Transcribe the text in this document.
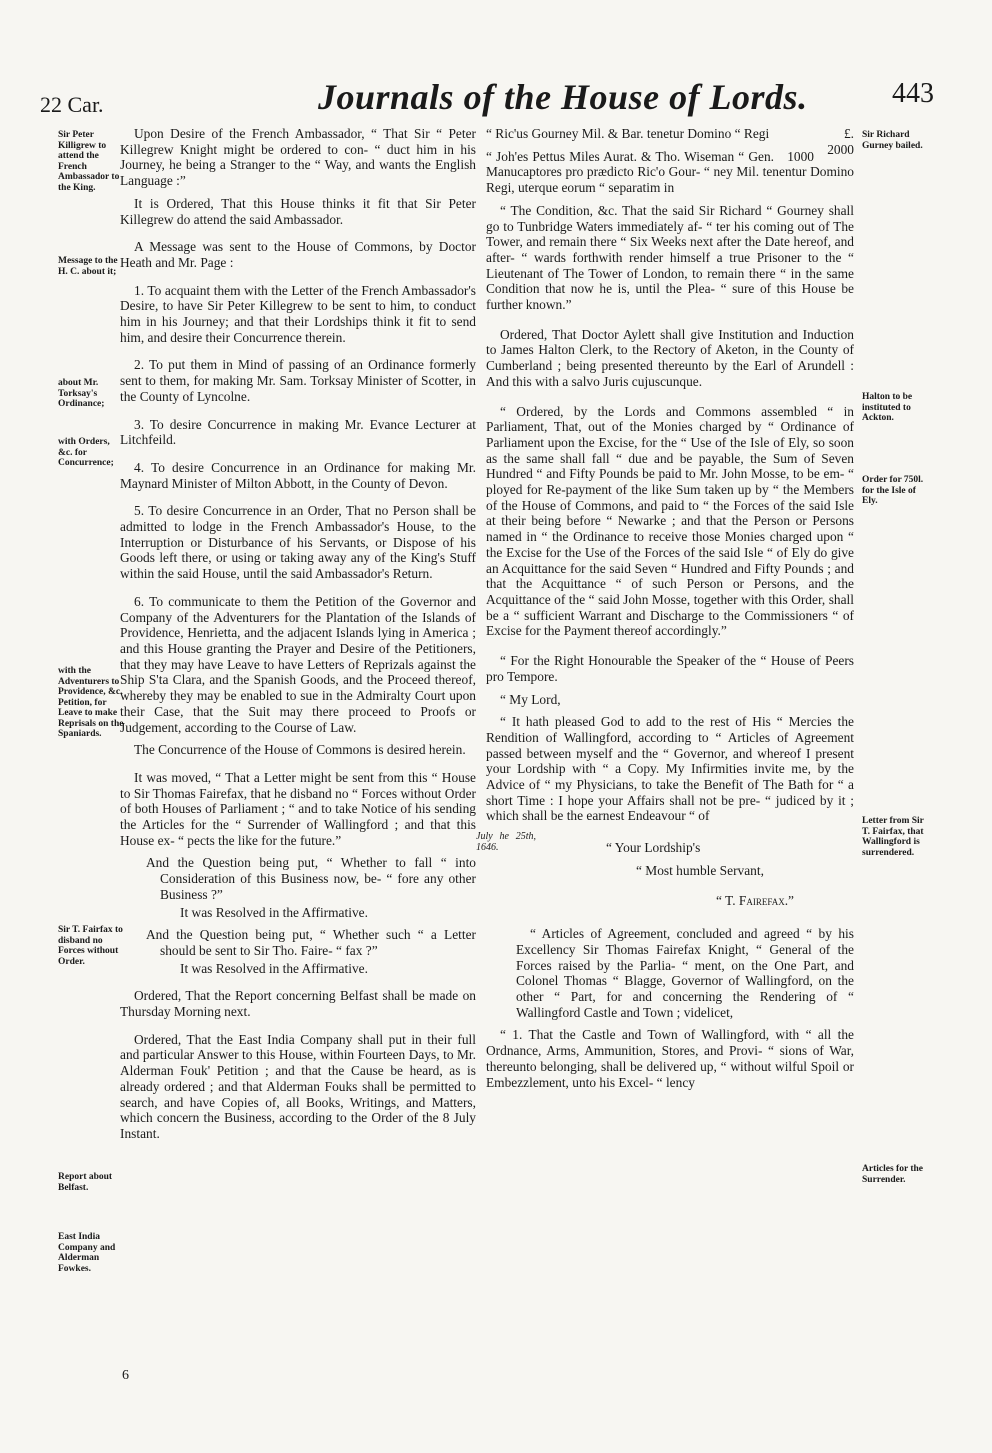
22 Car.	Journals of the House of Lords.	443
Sir Peter Killigrew to attend the French Ambassador to the King.
Message to the H. C. about it;
about Mr. Torksay's Ordinance;
with Orders, &c. for Concurrence;
with the Adventurers to Providence, &c. Petition, for Leave to make Reprisals on the Spaniards.
Sir T. Fairfax to disband no Forces without Order.
Report about Belfast.
East India Company and Alderman Fowkes.
Sir Richard Gurney bailed.
Halton to be instituted to Ackton.
Order for 750l. for the Isle of Ely.
Letter from Sir T. Fairfax, that Wallingford is surrendered.
Articles for the Surrender.

Upon Desire of the French Ambassador, “ That Sir “ Peter Killegrew Knight might be ordered to con- “ duct him in his Journey, he being a Stranger to the “ Way, and wants the English Language :”

It is Ordered, That this House thinks it fit that Sir Peter Killegrew do attend the said Ambassador.

A Message was sent to the House of Commons, by Doctor Heath and Mr. Page :

1. To acquaint them with the Letter of the French Ambassador's Desire, to have Sir Peter Killegrew to be sent to him, to conduct him in his Journey; and that their Lordships think it fit to send him, and desire their Concurrence therein.

2. To put them in Mind of passing of an Ordinance formerly sent to them, for making Mr. Sam. Torksay Minister of Scotter, in the County of Lyncolne.

3. To desire Concurrence in making Mr. Evance Lecturer at Litchfeild.

4. To desire Concurrence in an Ordinance for making Mr. Maynard Minister of Milton Abbott, in the County of Devon.

5. To desire Concurrence in an Order, That no Person shall be admitted to lodge in the French Ambassador's House, to the Interruption or Disturbance of his Servants, or Dispose of his Goods left there, or using or taking away any of the King's Stuff within the said House, until the said Ambassador's Return.

6. To communicate to them the Petition of the Governor and Company of the Adventurers for the Plantation of the Islands of Providence, Henrietta, and the adjacent Islands lying in America ; and this House granting the Prayer and Desire of the Petitioners, that they may have Leave to have Letters of Reprizals against the Ship S'ta Clara, and the Spanish Goods, and the Proceed thereof, whereby they may be enabled to sue in the Admiralty Court upon their Case, that the Suit may there proceed to Proofs or Judgement, according to the Course of Law.

The Concurrence of the House of Commons is desired herein.

It was moved, “ That a Letter might be sent from this “ House to Sir Thomas Fairefax, that he disband no “ Forces without Order of both Houses of Parliament ; “ and to take Notice of his sending the Articles for the “ Surrender of Wallingford ; and that this House ex- “ pects the like for the future.”

And the Question being put, “ Whether to fall “ into Consideration of this Business now, be- “ fore any other Business ?”

It was Resolved in the Affirmative.

And the Question being put, “ Whether such “ a Letter should be sent to Sir Tho. Faire- “ fax ?”

It was Resolved in the Affirmative.

Ordered, That the Report concerning Belfast shall be made on Thursday Morning next.

Ordered, That the East India Company shall put in their full and particular Answer to this House, within Fourteen Days, to Mr. Alderman Fouk' Petition ; and that the Cause be heard, as is already ordered ; and that Alderman Fouks shall be permitted to search, and have Copies of, all Books, Writings, and Matters, which concern the Business, according to the Order of the 8 July Instant.

£. 2000
“ Ric'us Gourney Mil. & Bar. tenetur Domino “ Regi

1000
“ Joh'es Pettus Miles Aurat. & Tho. Wiseman “ Gen. Manucaptores pro prædicto Ric'o Gour- “ ney Mil. tenentur Domino Regi, uterque eorum “ separatim in

“ The Condition, &c. That the said Sir Richard “ Gourney shall go to Tunbridge Waters immediately af- “ ter his coming out of The Tower, and remain there “ Six Weeks next after the Date hereof, and after- “ wards forthwith render himself a true Prisoner to the “ Lieutenant of The Tower of London, to remain there “ in the same Condition that now he is, until the Plea- “ sure of this House be further known.”

Ordered, That Doctor Aylett shall give Institution and Induction to James Halton Clerk, to the Rectory of Aketon, in the County of Cumberland ; being presented thereunto by the Earl of Arundell : And this with a salvo Juris cujuscunque.

“ Ordered, by the Lords and Commons assembled “ in Parliament, That, out of the Monies charged by “ Ordinance of Parliament upon the Excise, for the “ Use of the Isle of Ely, so soon as the same shall fall “ due and be payable, the Sum of Seven Hundred “ and Fifty Pounds be paid to Mr. John Mosse, to be em- “ ployed for Re-payment of the like Sum taken up by “ the Members of the House of Commons, and paid to “ the Forces of the said Isle at their being before “ Newarke ; and that the Person or Persons named in “ the Ordinance to receive those Monies charged upon “ the Excise for the Use of the Forces of the said Isle “ of Ely do give an Acquittance for the said Seven “ Hundred and Fifty Pounds ; and that the Acquittance “ of such Person or Persons, and the Acquittance of the “ said John Mosse, together with this Order, shall be a “ sufficient Warrant and Discharge to the Commissioners “ of Excise for the Payment thereof accordingly.”

“ For the Right Honourable the Speaker of the “ House of Peers pro Tempore.

“ My Lord,

“ It hath pleased God to add to the rest of His “ Mercies the Rendition of Wallingford, according to “ Articles of Agreement passed between myself and the “ Governor, and whereof I present your Lordship with “ a Copy. My Infirmities invite me, by the Advice of “ my Physicians, to take the Benefit of The Bath for “ a short Time : I hope your Affairs shall not be pre- “ judiced by it ; which shall be the earnest Endeavour “ of

July he 25th, 1646.	“ Your Lordship's

“ Most humble Servant,

“ T. Fairefax.”

“ Articles of Agreement, concluded and agreed “ by his Excellency Sir Thomas Fairefax Knight, “ General of the Forces raised by the Parlia- “ ment, on the One Part, and Colonel Thomas “ Blagge, Governor of Wallingford, on the other “ Part, for and concerning the Rendering of “ Wallingford Castle and Town ; videlicet,

“ 1. That the Castle and Town of Wallingford, with “ all the Ordnance, Arms, Ammunition, Stores, and Provi- “ sions of War, thereunto belonging, shall be delivered up, “ without wilful Spoil or Embezzlement, unto his Excel- “ lency

6
